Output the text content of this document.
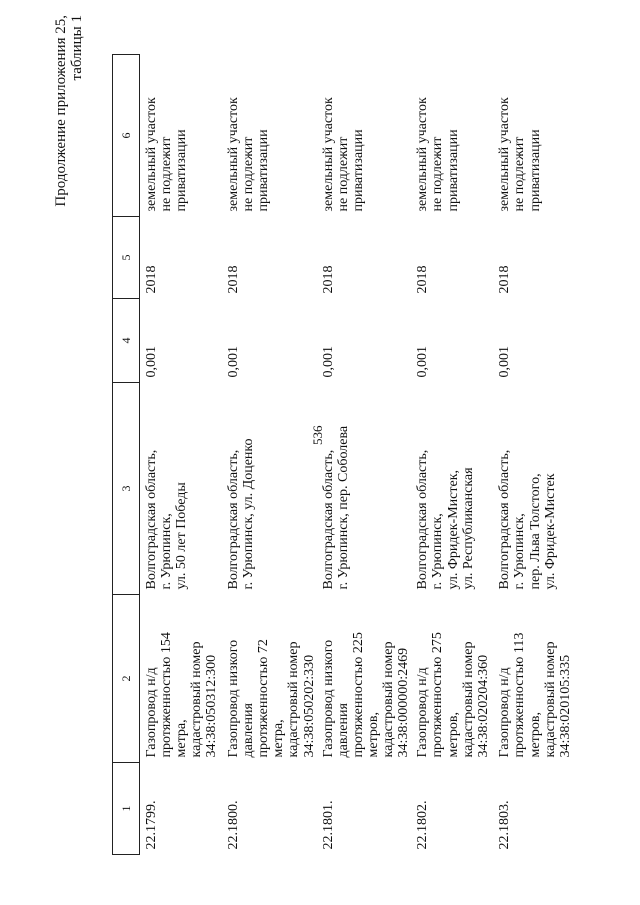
536
Продолжение приложения 25,
таблицы 1
1	2	3	4	5	6
22.1799.	Газопровод н/д
протяженностью 154 метра,
кадастровый номер
34:38:050312:300	Волгоградская область,
г. Урюпинск,
ул. 50 лет Победы	0,001	2018	земельный участок
не подлежит
приватизации
22.1800.	Газопровод низкого давления
протяженностью 72 метра,
кадастровый номер
34:38:050202:330	Волгоградская область,
г. Урюпинск, ул. Доценко	0,001	2018	земельный участок
не подлежит
приватизации
22.1801.	Газопровод низкого давления
протяженностью 225 метров,
кадастровый номер
34:38:000000:2469	Волгоградская область,
г. Урюпинск, пер. Соболева	0,001	2018	земельный участок
не подлежит
приватизации
22.1802.	Газопровод н/д
протяженностью 275 метров,
кадастровый номер
34:38:020204:360	Волгоградская область,
г. Урюпинск,
ул. Фридек-Мистек,
ул. Республиканская	0,001	2018	земельный участок
не подлежит
приватизации
22.1803.	Газопровод н/д
протяженностью 113 метров,
кадастровый номер
34:38:020105:335	Волгоградская область,
г. Урюпинск,
пер. Льва Толстого,
ул. Фридек-Мистек	0,001	2018	земельный участок
не подлежит
приватизации
